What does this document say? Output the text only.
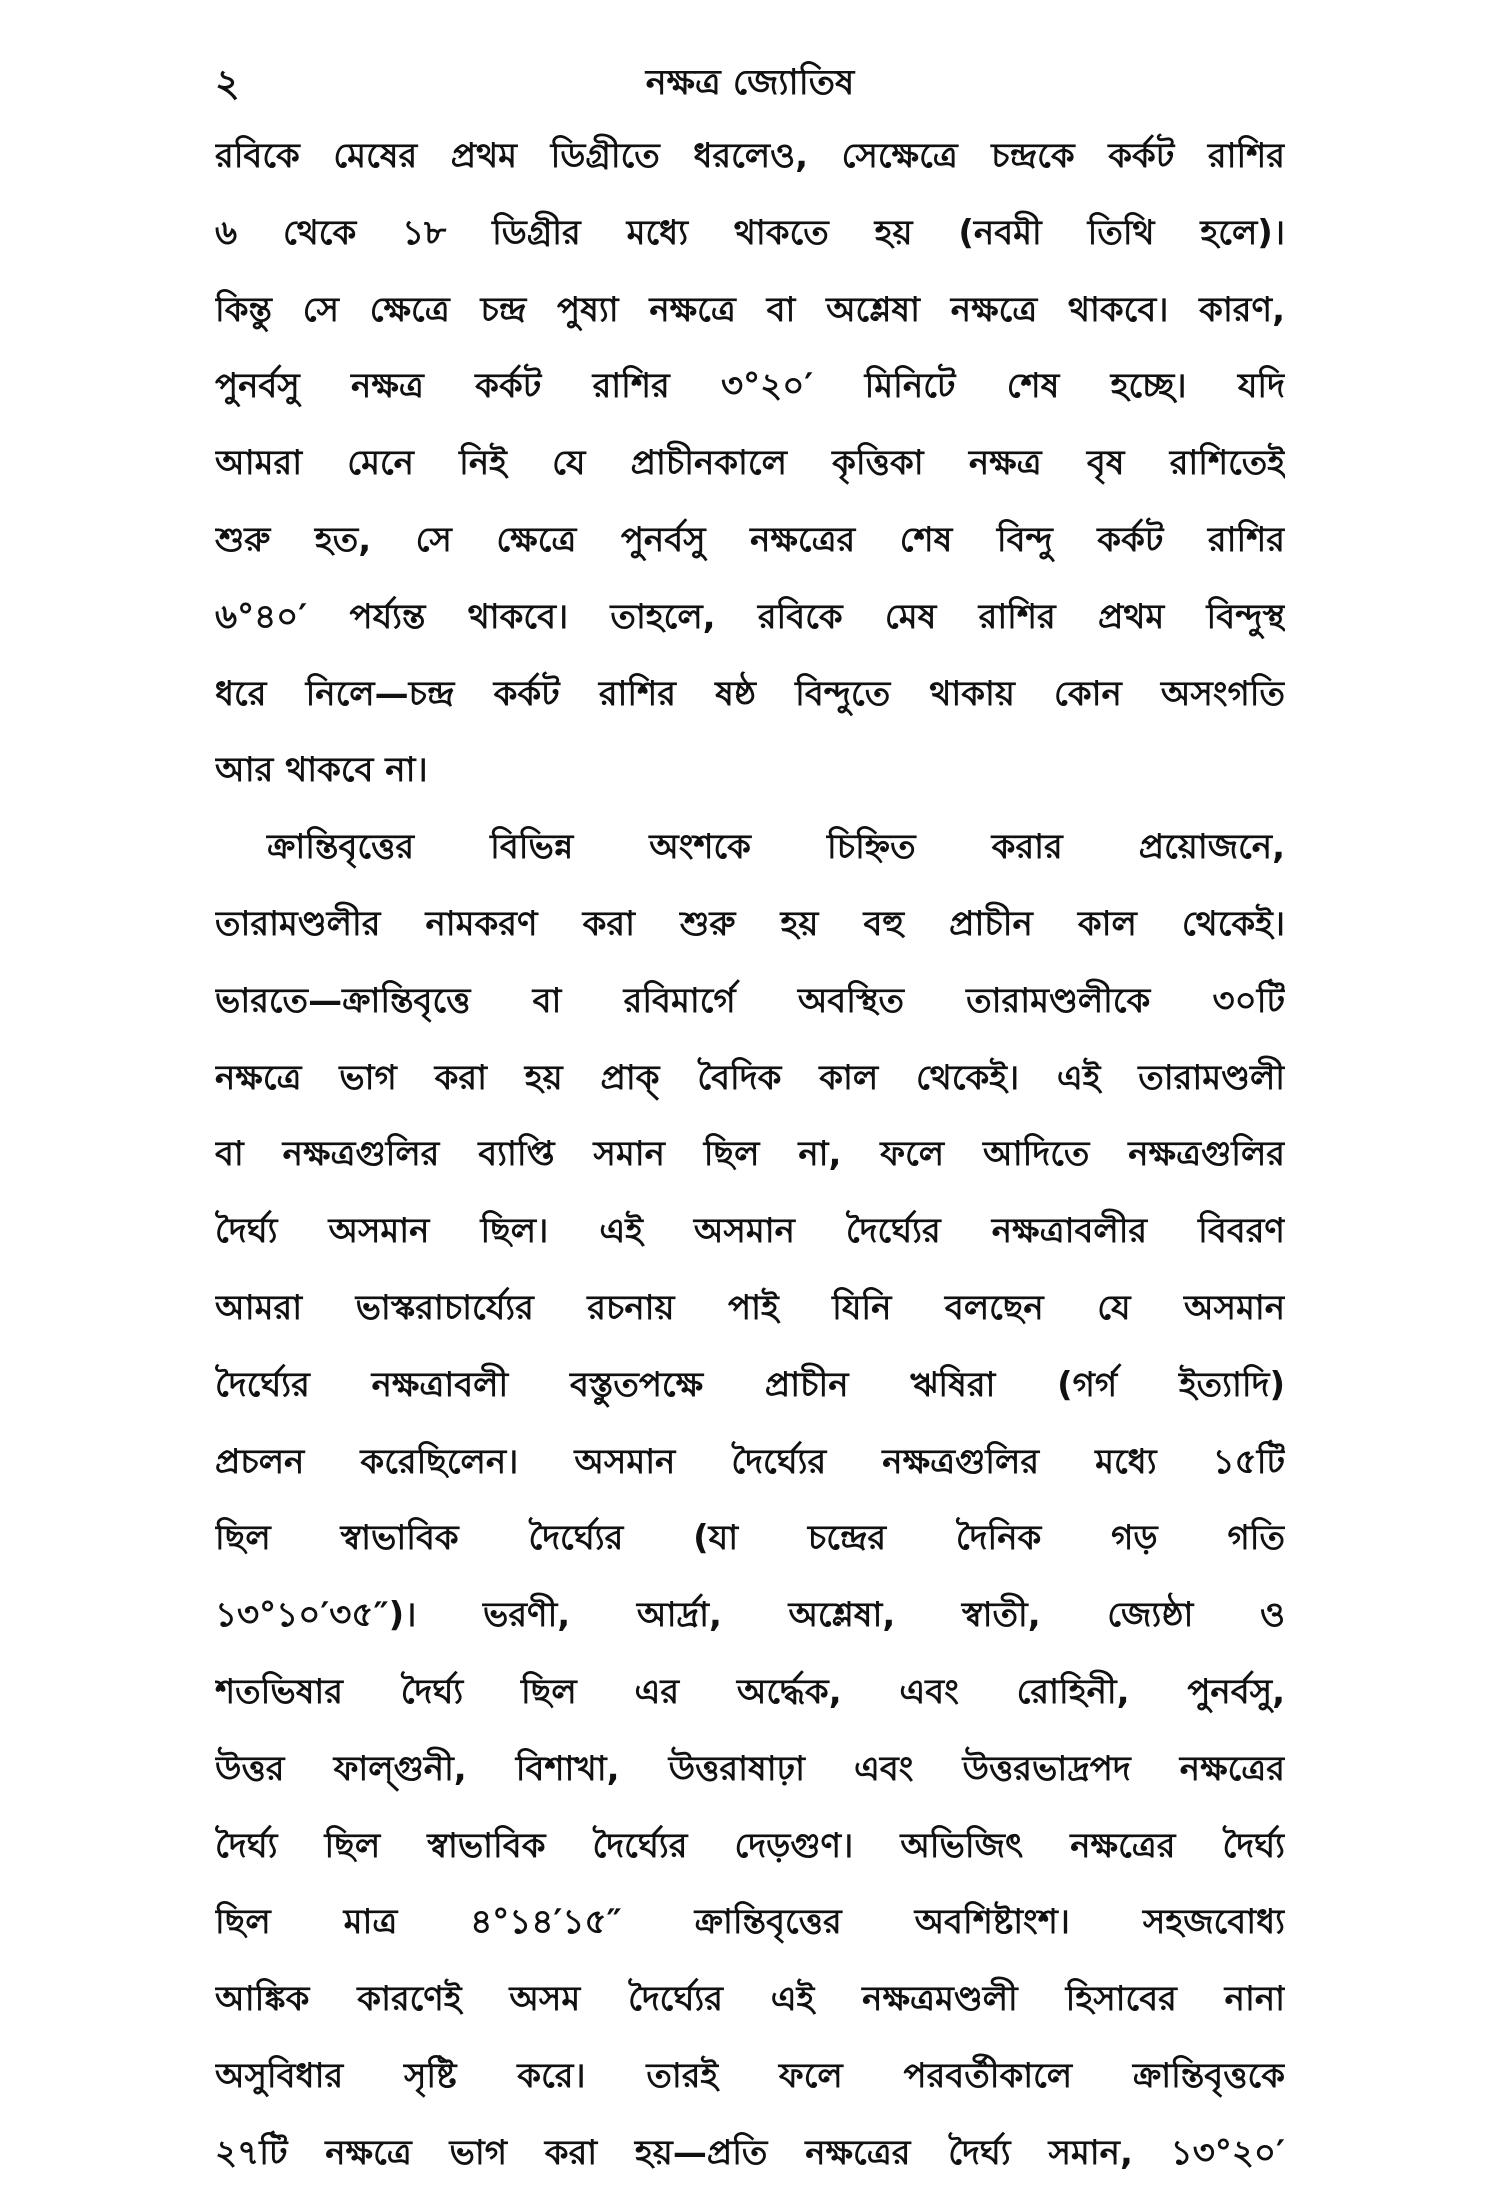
২	নক্ষত্র জ্যোতিষ
রবিকে মেষের প্রথম ডিগ্রীতে ধরলেও, সেক্ষেত্রে চন্দ্রকে কর্কট রাশির
৬ থেকে ১৮ ডিগ্রীর মধ্যে থাকতে হয় (নবমী তিথি হলে)।
কিন্তু সে ক্ষেত্রে চন্দ্র পুষ্যা নক্ষত্রে বা অশ্লেষা নক্ষত্রে থাকবে। কারণ,
পুনর্বসু নক্ষত্র কর্কট রাশির ৩°২০′ মিনিটে শেষ হচ্ছে। যদি
আমরা মেনে নিই যে প্রাচীনকালে কৃত্তিকা নক্ষত্র বৃষ রাশিতেই
শুরু হত, সে ক্ষেত্রে পুনর্বসু নক্ষত্রের শেষ বিন্দু কর্কট রাশির
৬°৪০′ পর্য্যন্ত থাকবে। তাহলে, রবিকে মেষ রাশির প্রথম বিন্দুস্থ
ধরে নিলে—চন্দ্র কর্কট রাশির ষষ্ঠ বিন্দুতে থাকায় কোন অসংগতি
আর থাকবে না।
ক্রান্তিবৃত্তের বিভিন্ন অংশকে চিহ্নিত করার প্রয়োজনে,
তারামণ্ডলীর নামকরণ করা শুরু হয় বহু প্রাচীন কাল থেকেই।
ভারতে—ক্রান্তিবৃত্তে বা রবিমার্গে অবস্থিত তারামণ্ডলীকে ৩০টি
নক্ষত্রে ভাগ করা হয় প্রাক্ বৈদিক কাল থেকেই। এই তারামণ্ডলী
বা নক্ষত্রগুলির ব্যাপ্তি সমান ছিল না, ফলে আদিতে নক্ষত্রগুলির
দৈর্ঘ্য অসমান ছিল। এই অসমান দৈর্ঘ্যের নক্ষত্রাবলীর বিবরণ
আমরা ভাস্করাচার্য্যের রচনায় পাই যিনি বলছেন যে অসমান
দৈর্ঘ্যের নক্ষত্রাবলী বস্তুতপক্ষে প্রাচীন ঋষিরা (গর্গ ইত্যাদি)
প্রচলন করেছিলেন। অসমান দৈর্ঘ্যের নক্ষত্রগুলির মধ্যে ১৫টি
ছিল স্বাভাবিক দৈর্ঘ্যের (যা চন্দ্রের দৈনিক গড় গতি
১৩°১০′৩৫″)। ভরণী, আর্দ্রা, অশ্লেষা, স্বাতী, জ্যেষ্ঠা ও
শতভিষার দৈর্ঘ্য ছিল এর অর্দ্ধেক, এবং রোহিনী, পুনর্বসু,
উত্তর ফাল্গুনী, বিশাখা, উত্তরাষাঢ়া এবং উত্তরভাদ্রপদ নক্ষত্রের
দৈর্ঘ্য ছিল স্বাভাবিক দৈর্ঘ্যের দেড়গুণ। অভিজিৎ নক্ষত্রের দৈর্ঘ্য
ছিল মাত্র ৪°১৪′১৫″ ক্রান্তিবৃত্তের অবশিষ্টাংশ। সহজবোধ্য
আঙ্কিক কারণেই অসম দৈর্ঘ্যের এই নক্ষত্রমণ্ডলী হিসাবের নানা
অসুবিধার সৃষ্টি করে। তারই ফলে পরবর্তীকালে ক্রান্তিবৃত্তকে
২৭টি নক্ষত্রে ভাগ করা হয়—প্রতি নক্ষত্রের দৈর্ঘ্য সমান, ১৩°২০′
